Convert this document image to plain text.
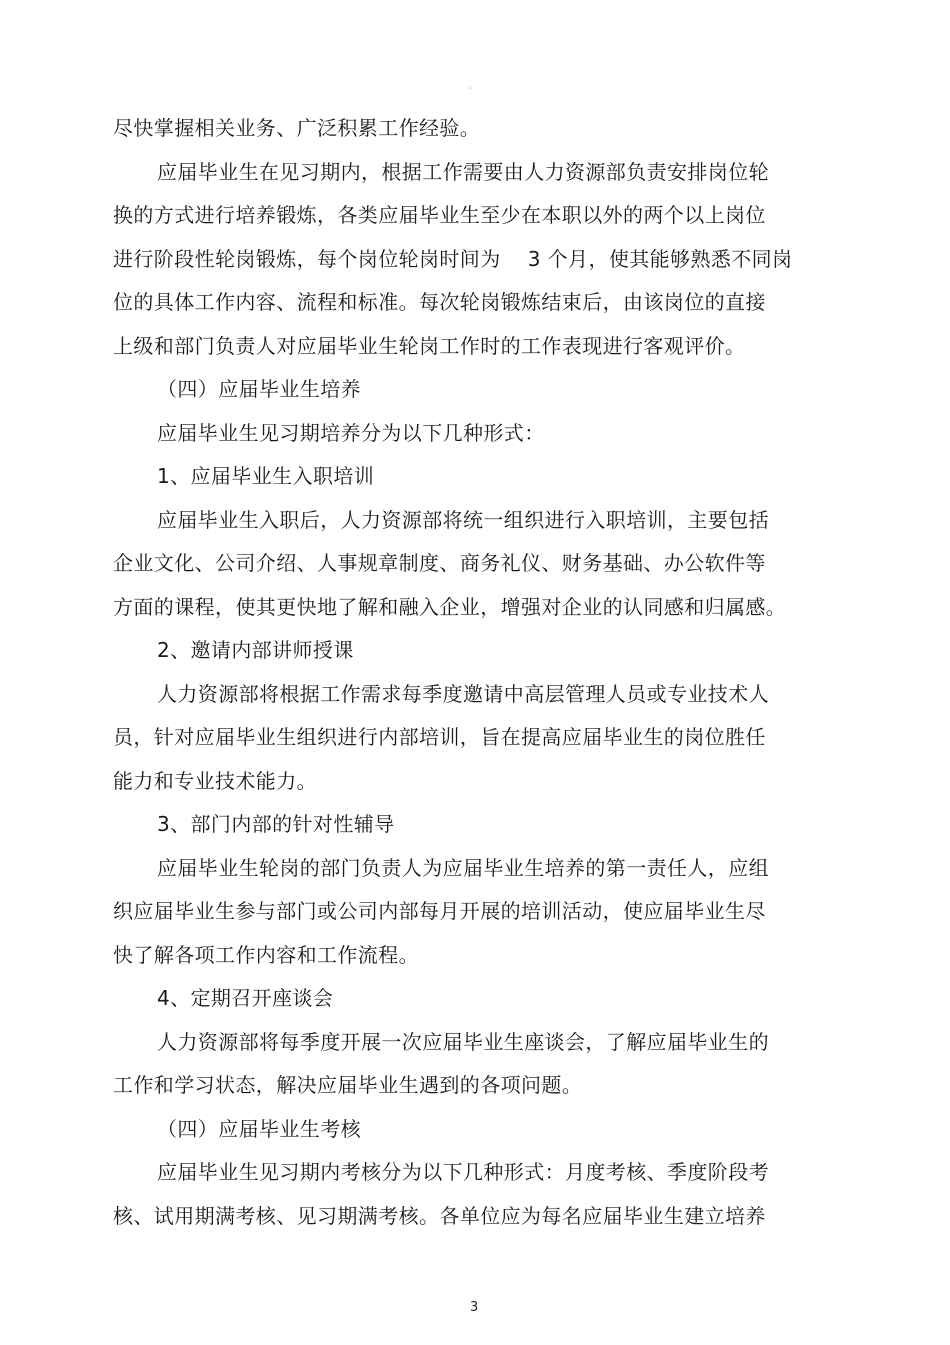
。
尽快掌握相关业务、广泛积累工作经验。
应届毕业生在见习期内，根据工作需要由人力资源部负责安排岗位轮
换的方式进行培养锻炼，各类应届毕业生至少在本职以外的两个以上岗位
进行阶段性轮岗锻炼，每个岗位轮岗时间为　 3 个月，使其能够熟悉不同岗
位的具体工作内容、流程和标准。每次轮岗锻炼结束后，由该岗位的直接
上级和部门负责人对应届毕业生轮岗工作时的工作表现进行客观评价。
（四）应届毕业生培养
应届毕业生见习期培养分为以下几种形式：
1、应届毕业生入职培训
应届毕业生入职后，人力资源部将统一组织进行入职培训，主要包括
企业文化、公司介绍、人事规章制度、商务礼仪、财务基础、办公软件等
方面的课程，使其更快地了解和融入企业，增强对企业的认同感和归属感。
2、邀请内部讲师授课
人力资源部将根据工作需求每季度邀请中高层管理人员或专业技术人
员，针对应届毕业生组织进行内部培训，旨在提高应届毕业生的岗位胜任
能力和专业技术能力。
3、部门内部的针对性辅导
应届毕业生轮岗的部门负责人为应届毕业生培养的第一责任人，应组
织应届毕业生参与部门或公司内部每月开展的培训活动，使应届毕业生尽
快了解各项工作内容和工作流程。
4、定期召开座谈会
人力资源部将每季度开展一次应届毕业生座谈会，了解应届毕业生的
工作和学习状态，解决应届毕业生遇到的各项问题。
（四）应届毕业生考核
应届毕业生见习期内考核分为以下几种形式：月度考核、季度阶段考
核、试用期满考核、见习期满考核。各单位应为每名应届毕业生建立培养
3
